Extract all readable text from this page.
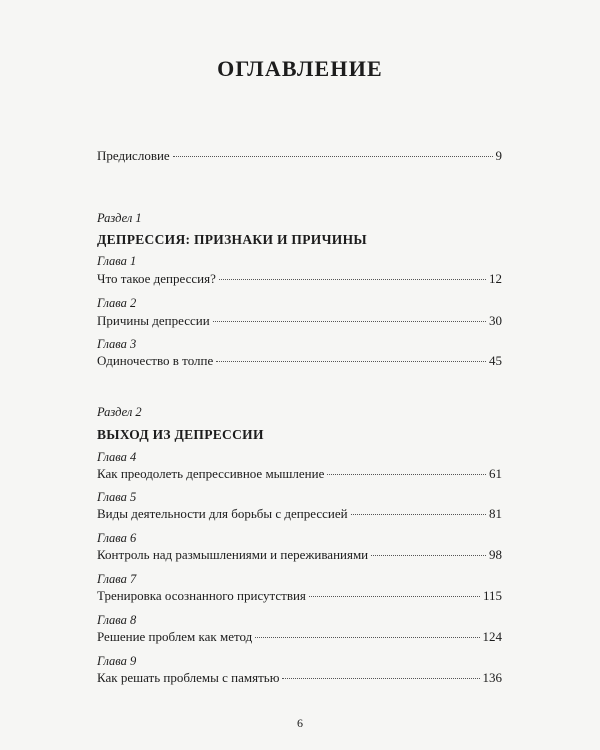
ОГЛАВЛЕНИЕ
Предисловие	9
Раздел 1
ДЕПРЕССИЯ: ПРИЗНАКИ И ПРИЧИНЫ
Глава 1
Что такое депрессия?	12
Глава 2
Причины депрессии	30
Глава 3
Одиночество в толпе	45
Раздел 2
ВЫХОД ИЗ ДЕПРЕССИИ
Глава 4
Как преодолеть депрессивное мышление	61
Глава 5
Виды деятельности для борьбы с депрессией	81
Глава 6
Контроль над размышлениями и переживаниями	98
Глава 7
Тренировка осознанного присутствия	115
Глава 8
Решение проблем как метод	124
Глава 9
Как решать проблемы с памятью	136
6
